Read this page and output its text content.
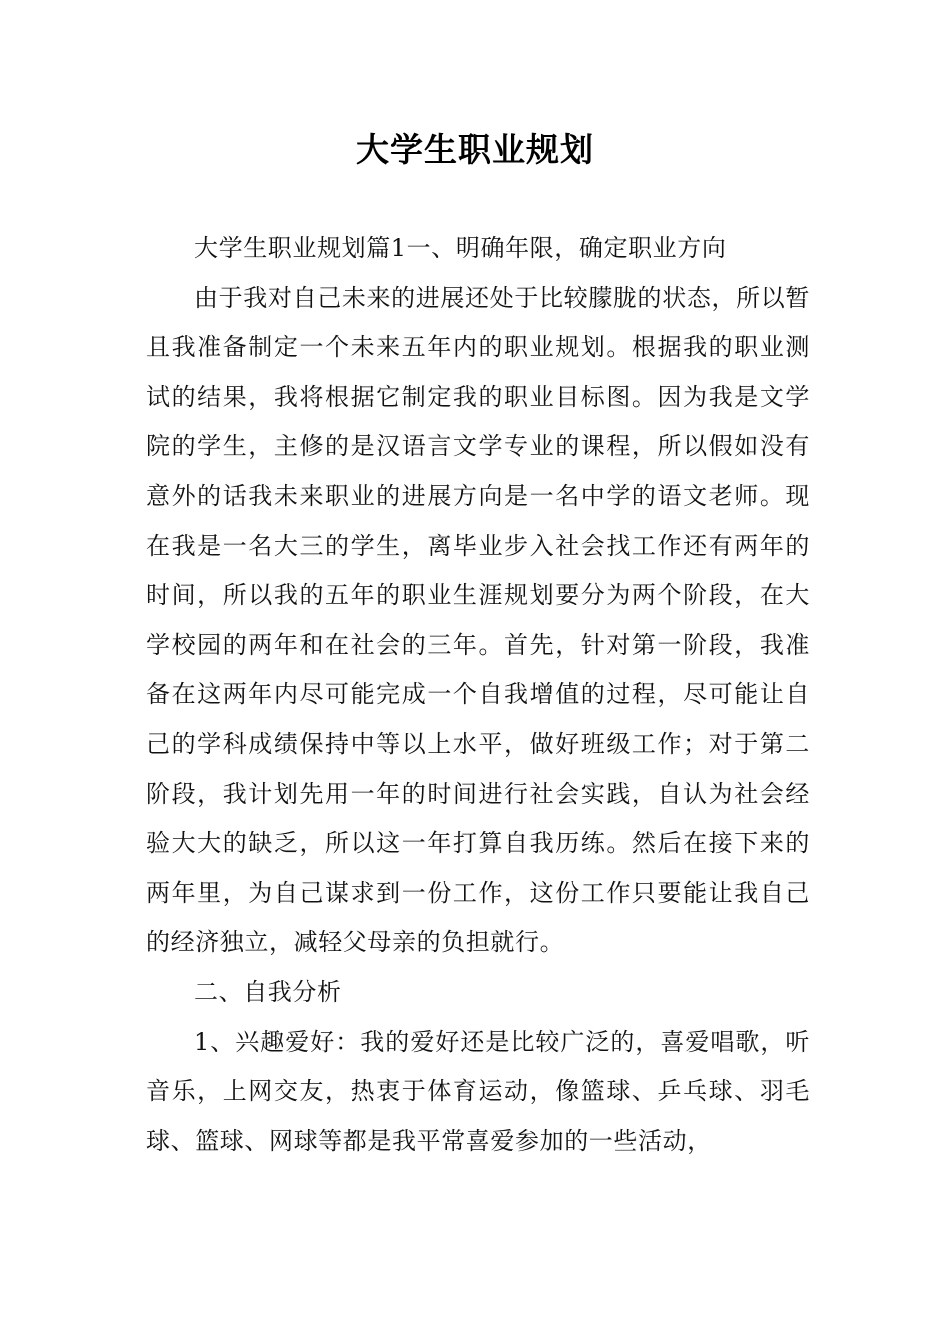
大学生职业规划

大学生职业规划篇1一、明确年限，确定职业方向

由于我对自己未来的进展还处于比较朦胧的状态，所以暂且我准备制定一个未来五年内的职业规划。根据我的职业测试的结果，我将根据它制定我的职业目标图。因为我是文学院的学生，主修的是汉语言文学专业的课程，所以假如没有意外的话我未来职业的进展方向是一名中学的语文老师。现在我是一名大三的学生，离毕业步入社会找工作还有两年的时间，所以我的五年的职业生涯规划要分为两个阶段，在大学校园的两年和在社会的三年。首先，针对第一阶段，我准备在这两年内尽可能完成一个自我增值的过程，尽可能让自己的学科成绩保持中等以上水平，做好班级工作；对于第二阶段，我计划先用一年的时间进行社会实践，自认为社会经验大大的缺乏，所以这一年打算自我历练。然后在接下来的两年里，为自己谋求到一份工作，这份工作只要能让我自己的经济独立，减轻父母亲的负担就行。

二、自我分析

1、兴趣爱好：我的爱好还是比较广泛的，喜爱唱歌，听音乐，上网交友，热衷于体育运动，像篮球、乒乓球、羽毛球、篮球、网球等都是我平常喜爱参加的一些活动，
